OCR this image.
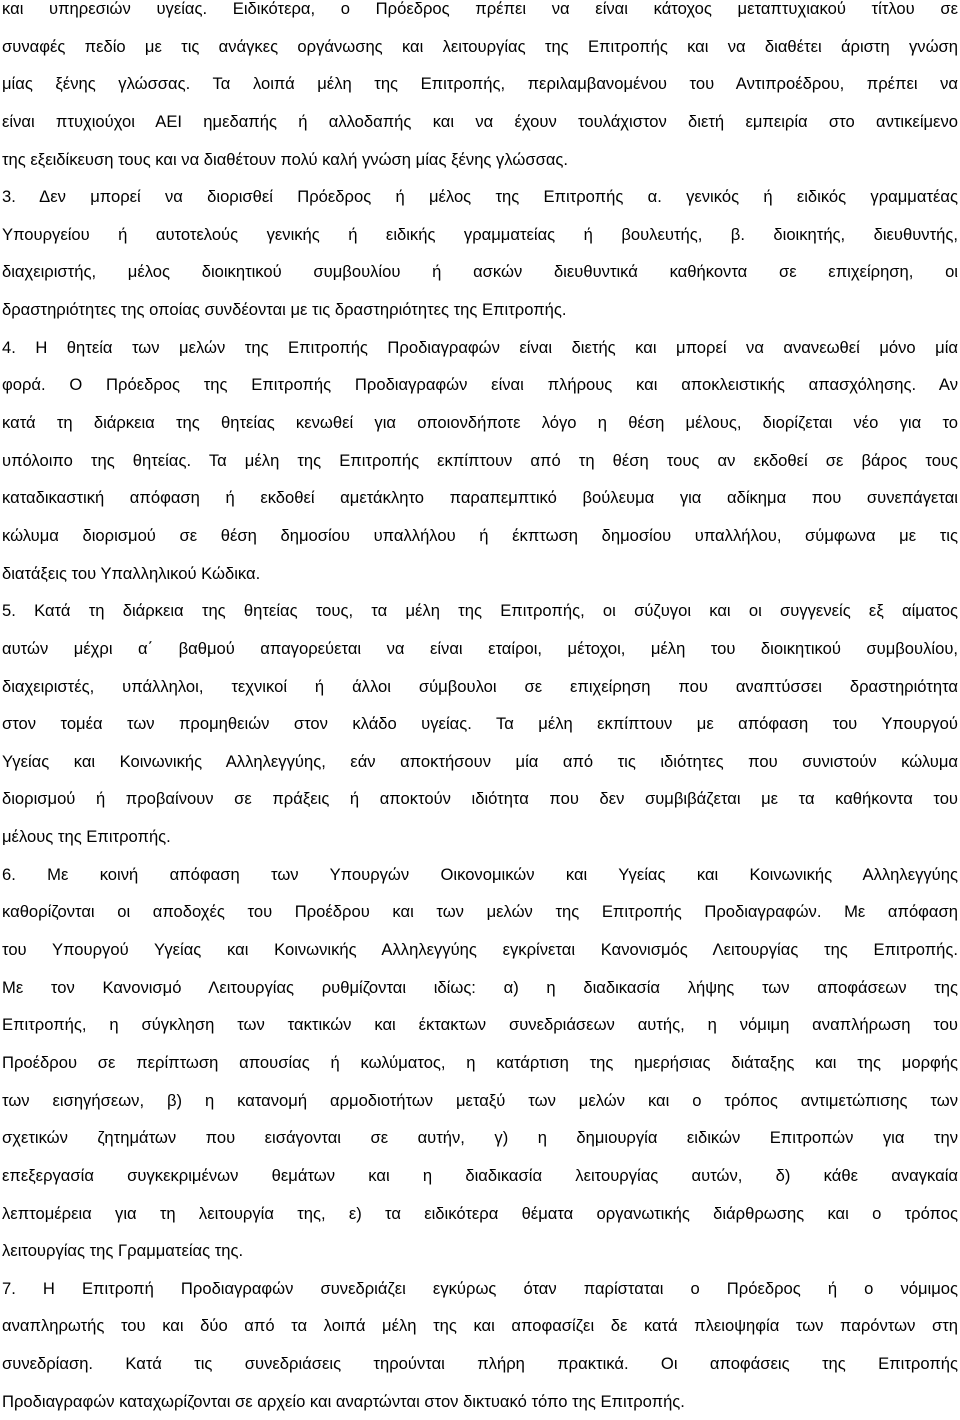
και υπηρεσιών υγείας. Ειδικότερα, ο Πρόεδρος πρέπει να είναι κάτοχος μεταπτυχιακού τίτλου σε
συναφές πεδίο με τις ανάγκες οργάνωσης και λειτουργίας της Επιτροπής και να διαθέτει άριστη γνώση
μίας ξένης γλώσσας. Τα λοιπά μέλη της Επιτροπής, περιλαμβανομένου του Αντιπροέδρου, πρέπει να
είναι πτυχιούχοι ΑΕΙ ημεδαπής ή αλλοδαπής και να έχουν τουλάχιστον διετή εμπειρία στο αντικείμενο
της εξειδίκευση τους και να διαθέτουν πολύ καλή γνώση μίας ξένης γλώσσας.
3. Δεν μπορεί να διορισθεί Πρόεδρος ή μέλος της Επιτροπής α. γενικός ή ειδικός γραμματέας
Υπουργείου ή αυτοτελούς γενικής ή ειδικής γραμματείας ή βουλευτής, β. διοικητής, διευθυντής,
διαχειριστής, μέλος διοικητικού συμβουλίου ή ασκών διευθυντικά καθήκοντα σε επιχείρηση, οι
δραστηριότητες της οποίας συνδέονται με τις δραστηριότητες της Επιτροπής.
4. Η θητεία των μελών της Επιτροπής Προδιαγραφών είναι διετής και μπορεί να ανανεωθεί μόνο μία
φορά. Ο Πρόεδρος της Επιτροπής Προδιαγραφών είναι πλήρους και αποκλειστικής απασχόλησης. Αν
κατά τη διάρκεια της θητείας κενωθεί για οποιονδήποτε λόγο η θέση μέλους, διορίζεται νέο για το
υπόλοιπο της θητείας. Τα μέλη της Επιτροπής εκπίπτουν από τη θέση τους αν εκδοθεί σε βάρος τους
καταδικαστική απόφαση ή εκδοθεί αμετάκλητο παραπεμπτικό βούλευμα για αδίκημα που συνεπάγεται
κώλυμα διορισμού σε θέση δημοσίου υπαλλήλου ή έκπτωση δημοσίου υπαλλήλου, σύμφωνα με τις
διατάξεις του Υπαλληλικού Κώδικα.
5. Κατά τη διάρκεια της θητείας τους, τα μέλη της Επιτροπής, οι σύζυγοι και οι συγγενείς εξ αίματος
αυτών μέχρι α΄ βαθμού απαγορεύεται να είναι εταίροι, μέτοχοι, μέλη του διοικητικού συμβουλίου,
διαχειριστές, υπάλληλοι, τεχνικοί ή άλλοι σύμβουλοι σε επιχείρηση που αναπτύσσει δραστηριότητα
στον τομέα των προμηθειών στον κλάδο υγείας. Τα μέλη εκπίπτουν με απόφαση του Υπουργού
Υγείας και Κοινωνικής Αλληλεγγύης, εάν αποκτήσουν μία από τις ιδιότητες που συνιστούν κώλυμα
διορισμού ή προβαίνουν σε πράξεις ή αποκτούν ιδιότητα που δεν συμβιβάζεται με τα καθήκοντα του
μέλους της Επιτροπής.
6. Με κοινή απόφαση των Υπουργών Οικονομικών και Υγείας και Κοινωνικής Αλληλεγγύης
καθορίζονται οι αποδοχές του Προέδρου και των μελών της Επιτροπής Προδιαγραφών. Με απόφαση
του Υπουργού Υγείας και Κοινωνικής Αλληλεγγύης εγκρίνεται Κανονισμός Λειτουργίας της Επιτροπής.
Με τον Κανονισμό Λειτουργίας ρυθμίζονται ιδίως: α) η διαδικασία λήψης των αποφάσεων της
Επιτροπής, η σύγκληση των τακτικών και έκτακτων συνεδριάσεων αυτής, η νόμιμη αναπλήρωση του
Προέδρου σε περίπτωση απουσίας ή κωλύματος, η κατάρτιση της ημερήσιας διάταξης και της μορφής
των εισηγήσεων, β) η κατανομή αρμοδιοτήτων μεταξύ των μελών και ο τρόπος αντιμετώπισης των
σχετικών ζητημάτων που εισάγονται σε αυτήν, γ) η δημιουργία ειδικών Επιτροπών για την
επεξεργασία συγκεκριμένων θεμάτων και η διαδικασία λειτουργίας αυτών, δ) κάθε αναγκαία
λεπτομέρεια για τη λειτουργία της, ε) τα ειδικότερα θέματα οργανωτικής διάρθρωσης και ο τρόπος
λειτουργίας της Γραμματείας της.
7. Η Επιτροπή Προδιαγραφών συνεδριάζει εγκύρως όταν παρίσταται ο Πρόεδρος ή ο νόμιμος
αναπληρωτής του και δύο από τα λοιπά μέλη της και αποφασίζει δε κατά πλειοψηφία των παρόντων στη
συνεδρίαση. Κατά τις συνεδριάσεις τηρούνται πλήρη πρακτικά. Οι αποφάσεις της Επιτροπής
Προδιαγραφών καταχωρίζονται σε αρχείο και αναρτώνται στον δικτυακό τόπο της Επιτροπής.
